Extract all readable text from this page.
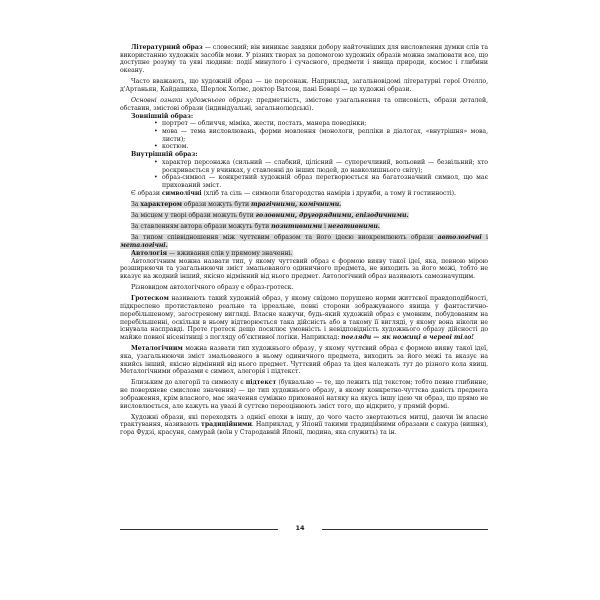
Літературний образ — словесний; він виникає завдяки добору найточніших для висловлення думки слів та використанню художніх засобів мови. У різних творах за допомогою художніх образів можна змалювати все, що доступне розуму та уяві людини: події минулого і сучасного, предмети і явища природи, космос і глибини океану.

Часто вважають, що художній образ — це персонаж. Наприклад, загальновідомі літературні герої Отелло, д'Артаньян, Кайдашиха, Шерлок Холмс, доктор Ватсон, пані Боварі — це художні образи.

Основні ознаки художнього образу: предметність, змістове узагальнення та описовість, образи деталей, обставин, змістові образи (індивідуальні, загальнолюдські).

Зовнішній образ:

• портрет — обличчя, міміка, жести, постать, манера поведінки;

• мова — тема висловлювань, форми мовлення (монологи, репліки в діалогах, «внутрішня» мова, листи);

• костюм.

Внутрішній образ:

• характер персонажа (сильний — слабкий, цілісний — суперечливий, вольовий — безвільний; хто роскривається у вчинках, у ставленні до інших людей, до навколишнього світу);

• образ-символ — конкретний художній образ перетворюється на багатозначний символ, що має прихований зміст.

Є образи символічні (хліб та сіль — символи благородства намірів і дружби, а тому й гостинності).

За характером образи можуть бути трагічними, комічними.

За місцем у творі образи можуть бути головними, другорядними, епізодичними.

За ставленням автора образи можуть бути позитивними і негативними.

За типом співвідношення між чуттєвим образом та його ідеєю виокремлюють образи автологічні і металогічні.

Автологія — вживання слів у прямому значенні.

Автологічним можна назвати тип, у якому чуттєвий образ є формою вияву такої ідеї, яка, певною мірою розширюючи та узагальнюючи зміст змальованого одиничного предмета, не виходить за його межі, тобто не вказує на жодний інший, якісно відмінний від нього предмет. Автологічний образ називають самозначущим.

Різновидом автологічного образу є образ-гротеск.

Гротеском називають такий художній образ, у якому свідомо порушено норми життєвої правдоподібності, підкреслено протиставлено реальне та ірреальне, певні сторони зображуваного явища у фантастично-перебільшеному, загостреному вигляді. Власне кажучи, будь-який художній образ є умовним, побудованим на перебільшенні, оскільки в ньому відтворюється така дійсність або в такому її вигляді, у якому вона ніколи не існувала насправді. Проте гротеск дещо посилює умовність і невідповідність художнього образу дійсності до майже повної нісенітниці з погляду об'єктивної логіки. Наприклад: погляди — як ножиці в череві тіло!

Металогічним можна назвати тип художнього образу, у якому чуттєвий образ є формою вияву такої ідеї, яка, узагальнюючи зміст змальованого в ньому одиничного предмета, виходить за його межі та вказує на якийсь інший, якісно відмінний від нього предмет. Чуттєвий образ та ідея належать тут до різного кола явищ. Металогічними образами є символ, алегорія і підтекст.

Близьким до алегорії та символу є підтекст (буквально — те, що лежить під текстом; тобто певне глибинне, не поверхневе смислове значення) — це тип художнього образу, в якому конкретно-чуттєва даність предмета зображення, крім власного, має значення суміжно прихованої натяку на якусь іншу ідею чи образ, що прямо не висловлюється, але кажуть на увазі й суттєво переоцінюють зміст того, що відкрито, у прямій формі.

Художні образи, які переходять з однієї епохи в іншу, до чого часто звертаються митці, даючи їм власне трактування, називають традиційними. Наприклад, у Японії такими традиційними образами є сакура (вишня), гора Фудзі, красуня, самурай (воїн у Стародавній Японії, людина, яка служить) та ін.

14
